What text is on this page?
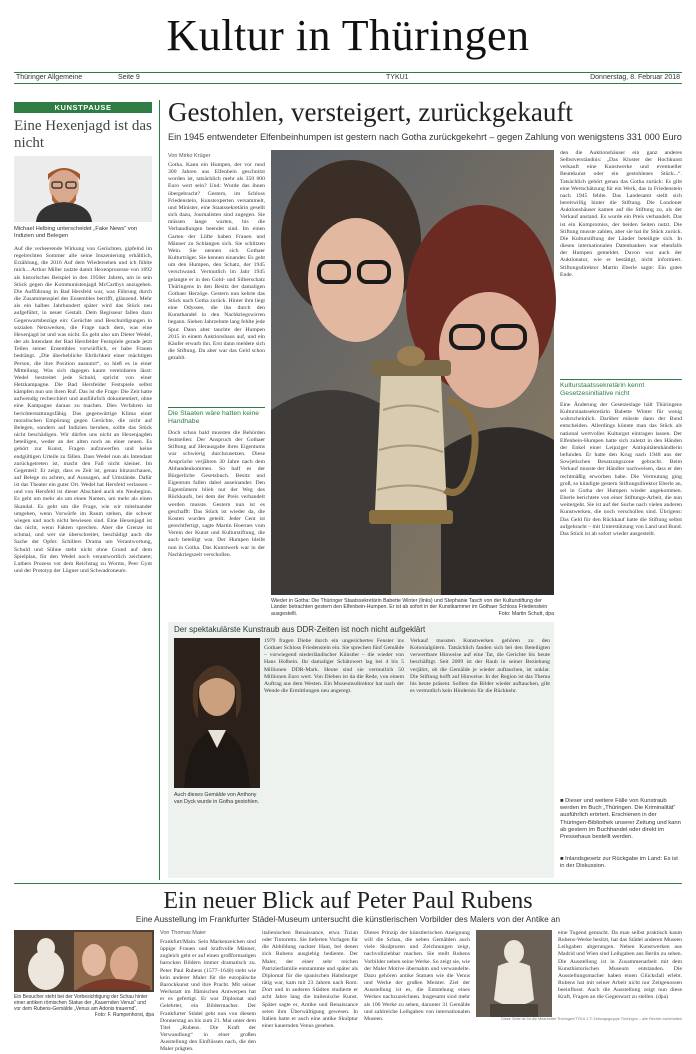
Kultur in Thüringen
Thüringer Allgemeine	Seite 9	TYKU1	Donnerstag, 8. Februar 2018
KUNSTPAUSE
Eine Hexenjagd ist das nicht
Michael Helbing unterscheidet „Fake News“ von Indizien und Belegen
Auf die verheerende Wirkung von Gerüchten, gipfelnd im regelrechten Sommer alle seine Inszenierung erhältlich, Erzählung, die 2016 Auf dem Wiedersehen und ich fühlte mich... Arthur Miller nutzte damit Hexenprozesse von 1692 als historisches Beispiel in den 1950er Jahren, um in sein Stück gegen die Kommunistenjagd McCarthys anzugehen. Die Aufführung in Bad Hersfeld war, was Führung durch die Zusammenspiel des Ensembles betrifft, glänzend. Mehr als ein halbes Jahrhundert später wird das Stück neu aufgeführt, in neuer Gestalt. Dem Regisseur fallen dazu Gegenwartsbezüge ein: Gerüchte und Beschuldigungen in sozialen Netzwerken, die Frage nach dem, was eine Hexenjagd ist und was nicht. Es geht also um Dieter Wedel, der als Intendant der Bad Hersfelder Festspiele gerade jetzt Teilen seiner Ensembles vorwürflich, er habe Frauen bedrängt. „Die überhebliche Ehrlichkeit einer mächtigen Person, die ihre Position ausnutzt“, so hieß es in einer Mitteilung. Was sich dagegen kaum vereinbaren lässt: Wedel bestreitet jede Schuld, spricht von einer Hetzkampagne. Die Bad Hersfelder Festspiele selbst kämpfen nun um ihren Ruf. Das ist die Frage: Die Zeit hatte aufwendig recherchiert und ausführlich dokumentiert, ohne eine Kampagne daraus zu machen. Dies Verfahren ist berichterstattungsfähig. Das gegenwärtige Klima einer moralischen Empörung gegen Gerüchte, die nicht auf Belegen, sondern auf Indizien beruhen, sollte das Stück nicht beschädigen. Wir dürfen uns nicht an Hexenjagden beteiligen, weder an der alten noch an einer neuen. Es gehört zur Kunst, Fragen aufzuwerfen und keine endgültigen Urteile zu fällen. Dass Wedel nun als Intendant zurückgetreten ist, macht den Fall nicht kleiner. Im Gegenteil: Er zeigt, dass es Zeit ist, genau hinzuschauen, auf Belege zu achten, auf Aussagen, auf Umstände. Dafür ist das Theater ein guter Ort. Wedel hat Hersfeld verlassen – und von Hersfeld ist dieser Abschied auch ein Neubeginn. Es geht um mehr als um einen Namen, um mehr als einen Skandal. Es geht um die Frage, wie wir miteinander umgehen, wenn Vorwürfe im Raum stehen, die schwer wiegen und noch nicht bewiesen sind. Eine Hexenjagd ist das nicht, wenn Fakten sprechen. Aber die Grenze ist schmal, und wer sie überschreitet, beschädigt auch die Sache der Opfer. Schillers Drama um Verantwortung, Schuld und Sühne steht nicht ohne Grund auf dem Spielplan, für den Wedel noch verantwortlich zeichnete; Luthers Prozess vor dem Reichstag zu Worms, Peer Gynt und der Prototyp der Lügner und Schwadroneure.
Gestohlen, versteigert, zurückgekauft
Ein 1945 entwendeter Elfenbeinhumpen ist gestern nach Gotha zurückgekehrt – gegen Zahlung von wenigstens 331 000 Euro
Von Mirko Krüger
Gotha. Kann ein Humpen, der vor rund 300 Jahren aus Elfenbein geschnitzt worden ist, tatsächlich mehr als 350 000 Euro wert sein? Und: Wurde das ihnen übergebracht? Gestern, im Schloss Friedenstein, Kunstexperten versammelt, und Minister, eine Staatssekretärin gesellt sich dazu, Journalisten sind zugegen. Sie müssen lange warten, bis die Verhandlungen beendet sind. Im einen Garten der Lüfte haben Frauen und Männer zu Schlangen sich. Sie schlitzen Wein. Sie nennen sich Gothaer Kulturträger. Sie kennen einander. Es geht um den Humpen, den Schatz, der 1945 verschwand. Vermutlich im Jahr 1945 gelangte er in den Gold- und Silberschatz Thüringens in den Besitz der damaligen Gothaer Herzöge. Gestern nun kehrte das Stück nach Gotha zurück. Hinter ihm liegt eine Odyssee, die ihn durch den Kunsthandel in den Nachkriegswirren begann. Sieben Jahrzehnte lang fehlte jede Spur. Dann aber tauchte der Humpen 2015 in einem Auktionshaus auf, und ein Käufer erwarb ihn. Erst dann meldete sich die Stiftung. Da aber war das Geld schon gezahlt.
Die Staaten wäre hatten keine Handhabe
Doch schon bald mussten die Behörden feststellen: Der Anspruch der Gothaer Stiftung auf Herausgabe ihres Eigentums war schwierig durchzusetzen. Diese Ansprüche verjähren 30 Jahre nach dem Abhandenkommen. So half es der Bürgerliche Gesetzbuch. Besitz und Eigentum fallen dabei auseinander. Den Eigentümern blieb nur der Weg des Rückkaufs, bei dem der Preis verhandelt werden musste. Gestern nun ist es geschafft: Das Stück ist wieder da, die Kosten wurden geteilt. Jeder Cent ist gerechtfertigt, sagte Martin Hoernes vom Verein der Kunst und Kulturstiftung, die auch beteiligt war. Der Humpen bleibt nun in Gotha. Das Kunstwerk war in der Nachkriegszeit verschollen.
Wieder in Gotha: Die Thüringer Staatssekretärin Babette Winter (links) und Stephanie Tasch von der Kulturstiftung der Länder betrachten gestern den Elfenbein-Humpen. Er ist ab sofort in der Kunstkammer im Gothaer Schloss Friedenstein ausgestellt.	Foto: Martin Schutt, dpa
den die Auktionshäuser ein ganz anderes Selbstverständnis: „Das Kloster der Hochkunst verkauft eine Kunstwerke und eventueller Beutekunst oder ein gestohlenes Stück...“. Tatsächlich gehört genau das Gotha zurück: Es gibt eine Wertschätzung für ein Werk, das in Friedenstein nach 1945 fehlte. Das Landesamt stellt sich bereitwillig hinter die Stiftung. Die Londoner Auktionshäuser kamen auf die Stiftung zu, als der Verkauf anstand. Es wurde ein Preis verhandelt. Das ist ein Kompromiss, der beiden Seiten nutzt. Die Stiftung musste zahlen, aber sie hat ihr Stück zurück. Die Kulturstiftung der Länder beteiligte sich. In diesen internationalen Datenbanken war ebenfalls der Humpen gemeldet. Davon war auch der Auktionator, wie er bestätigt, nicht informiert. Stiftungsdirektor Martin Eberle sagte: Ein gutes Ende.
Kulturstaatssekretärin kennt Gesetzesinitiative nicht
Eine Änderung der Gesetzeslage hält Thüringens Kulturstaatssekretärin Babette Winter für wenig wahrscheinlich. Darüber müsste dann der Bund entscheiden. Allerdings könnte man das Stück als national wertvolles Kulturgut eintragen lassen. Der Elfenbein-Humpen hatte sich zuletzt in den Händen der Enkel einer Leipziger Antiquitätenhändlerin befunden. Er hatte den Krug nach 1948 aus der Sowjetischen Besatzungszone gebracht. Beim Verkauf musste der Händler nachweisen, dass er den rechtmäßig erworben habe. Die Vermutung ging groß, so kündigte gestern Stiftungsdirektor Eberle an, sei in Gotha der Humpen wieder angekommen. Eberle berichtete von einer Stiftungs-Arbeit, die nun weitergeht. Sie ist auf der Suche nach vielen anderen Kunstwerken, die noch verschollen sind. Übrigens: Das Geld für den Rückkauf hatte die Stiftung selbst aufgebracht – mit Unterstützung von Land und Bund. Das Stück ist ab sofort wieder ausgestellt.
■ Dieser und weitere Fälle von Kunstraub werden im Buch „Thüringen. Die Kriminalität“ ausführlich erörtert. Erschienen in der Thüringen-Bibliothek unserer Zeitung und kann ab gestern im Buchhandel oder direkt im Pressehaus bestellt werden.
■ Inlandsgesetz zur Rückgabe im Land: Es ist in der Diskussion.
Der spektakulärste Kunstraub aus DDR-Zeiten ist noch nicht aufgeklärt
Auch dieses Gemälde von Anthony van Dyck wurde in Gotha gestohlen.
1979 fragen Diebe durch ein ungesichertes Fenster ins Gothaer Schloss Friedenstein ein. Sie sprechen fünf Gemälde – vorwiegend niederländischer Künstler – die wieder von Hans Holbein. Ihr damaliger Schätzwert lag bei 4 bis 5 Millionen DDR-Mark. Heute sind sie vermutlich 50 Millionen Euro wert. Von Dieben ist da die Rede, von einem Auftrag aus dem Westen. Ein Museumsdirektor hat nach der Wende die Ermittlungen neu angeregt.
Verkauf mussten Kunstwerken gehören zu den Kolonialgütern. Tatsächlich fanden sich bei den Beteiligten verwertbare Hinweise auf eine Tat, die Gerichte bis heute beschäftigt. Seit 2009 ist der Raub in seiner Beziehung verjährt, ob die Gemälde je wieder auftauchen, ist unklar. Die Stiftung hofft auf Hinweise. In der Region ist das Thema bis heute präsent. Sollten die Bilder wieder auftauchen, gibt es vermutlich kein Hindernis für die Rückkehr.
Ein neuer Blick auf Peter Paul Rubens
Eine Ausstellung im Frankfurter Städel-Museum untersucht die künstlerischen Vorbilder des Malers von der Antike an
Ein Besucher steht bei der Vorbesichtigung der Schau hinter einer antiken römischen Statue der „Kauernden Venus“ und vor dem Rubens-Gemälde „Venus am Adonis trauernd“.
Foto: F. Rumpenhorst, dpa
Von Thomas Maier
Frankfurt/Main. Sein Markenzeichen sind üppige Frauen und kraftvolle Männer, zugleich geht er auf einen großformatigen barocken Bildern immer dramatisch zu. Peter Paul Rubens (1577–1640) steht wie kein anderer Maler für die europäische Barockkunst und ihre Pracht. Mit seiner Werkstatt im flämischen Antwerpen hat er es gefertigt. Er war Diplomat und Gelehrter, ein Bildermacher. Der Frankfurter Städel geht nun von diesem Donnerstag an bis zum 21. Mai unter dem Titel „Rubens. Die Kraft der Verwandlung“ in einer großen Ausstellung den Einflüssen nach, die den Maler prägten.
italienischen Renaissance, etwa Tizian oder Tintoretto. Sie lieferten Vorlagen für die Abbildung nackter Haut, bei denen sich Rubens ausgiebig bediente. Der Maler, der einer sehr reichen Patrizierfamilie entstammte und später als Diplomat für die spanischen Habsburger tätig war, kam mit 23 Jahren nach Rom. Dort und in anderen Städten studierte er acht Jahre lang die italienische Kunst. Später sagte er, Antike und Renaissance seien ihm Überwältigung gewesen. In Italien hatte er auch eine antike Skulptur einer kauernden Venus gesehen.
Dieses Prinzip der künstlerischen Aneignung will die Schau, die neben Gemälden auch viele Skulpturen und Zeichnungen zeigt, nachvollziehbar machen. Sie stellt Rubens Vorbilder neben seine Werke. So zeigt sie, wie der Maler Motive übernahm und verwandelte. Dazu gehören antike Statuen wie die Venus und Werke der großen Meister. Ziel der Ausstellung ist es, die Entstehung eines Werkes nachzuzeichnen. Insgesamt sind mehr als 100 Werke zu sehen, darunter 31 Gemälde und zahlreiche Leihgaben von internationalen Museen.
eine Tugend gemacht. Da man selbst praktisch kaum Rubens-Werke besitzt, hat das Städel anderen Museen Leihgaben abgerungen. Neben Kunstwerken aus Madrid und Wien sind Leihgaben aus Berlin zu sehen. Die Ausstellung ist in Zusammenarbeit mit dem Kunsthistorischen Museum entstanden. Die Ausstellungsmacher haben einen Glücksfall erlebt. Rubens hat mit seiner Arbeit nicht nur Zeitgenossen beeinflusst. Auch die Ausstellung zeigt nun diese Kraft, Fragen an die Gegenwart zu stellen. (dpa)
Diese Seite ist für die Mitarbeiter Thüringen/TYKU 1 © Zeitungsgruppe Thüringen – alle Rechte vorbehalten
